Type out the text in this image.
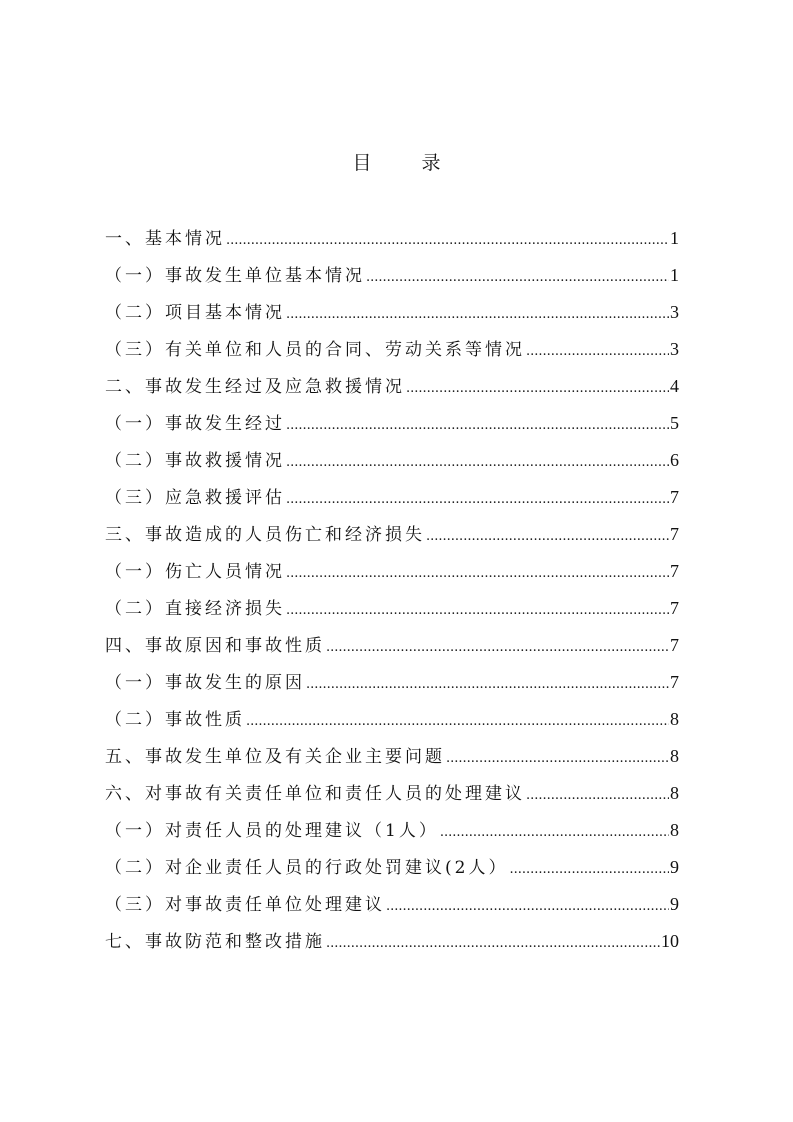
目 录
一、基本情况 .....	1
（一）事故发生单位基本情况 .....	1
（二）项目基本情况 .....	3
（三）有关单位和人员的合同、劳动关系等情况 .....	3
二、事故发生经过及应急救援情况 .....	4
（一）事故发生经过 .....	5
（二）事故救援情况 .....	6
（三）应急救援评估 .....	7
三、事故造成的人员伤亡和经济损失 .....	7
（一）伤亡人员情况 .....	7
（二）直接经济损失 .....	7
四、事故原因和事故性质 .....	7
（一）事故发生的原因 .....	7
（二）事故性质 .....	8
五、事故发生单位及有关企业主要问题 .....	8
六、对事故有关责任单位和责任人员的处理建议 .....	8
（一）对责任人员的处理建议（1人） .....	8
（二）对企业责任人员的行政处罚建议(2人） .....	9
（三）对事故责任单位处理建议 .....	9
七、事故防范和整改措施 .....	10
